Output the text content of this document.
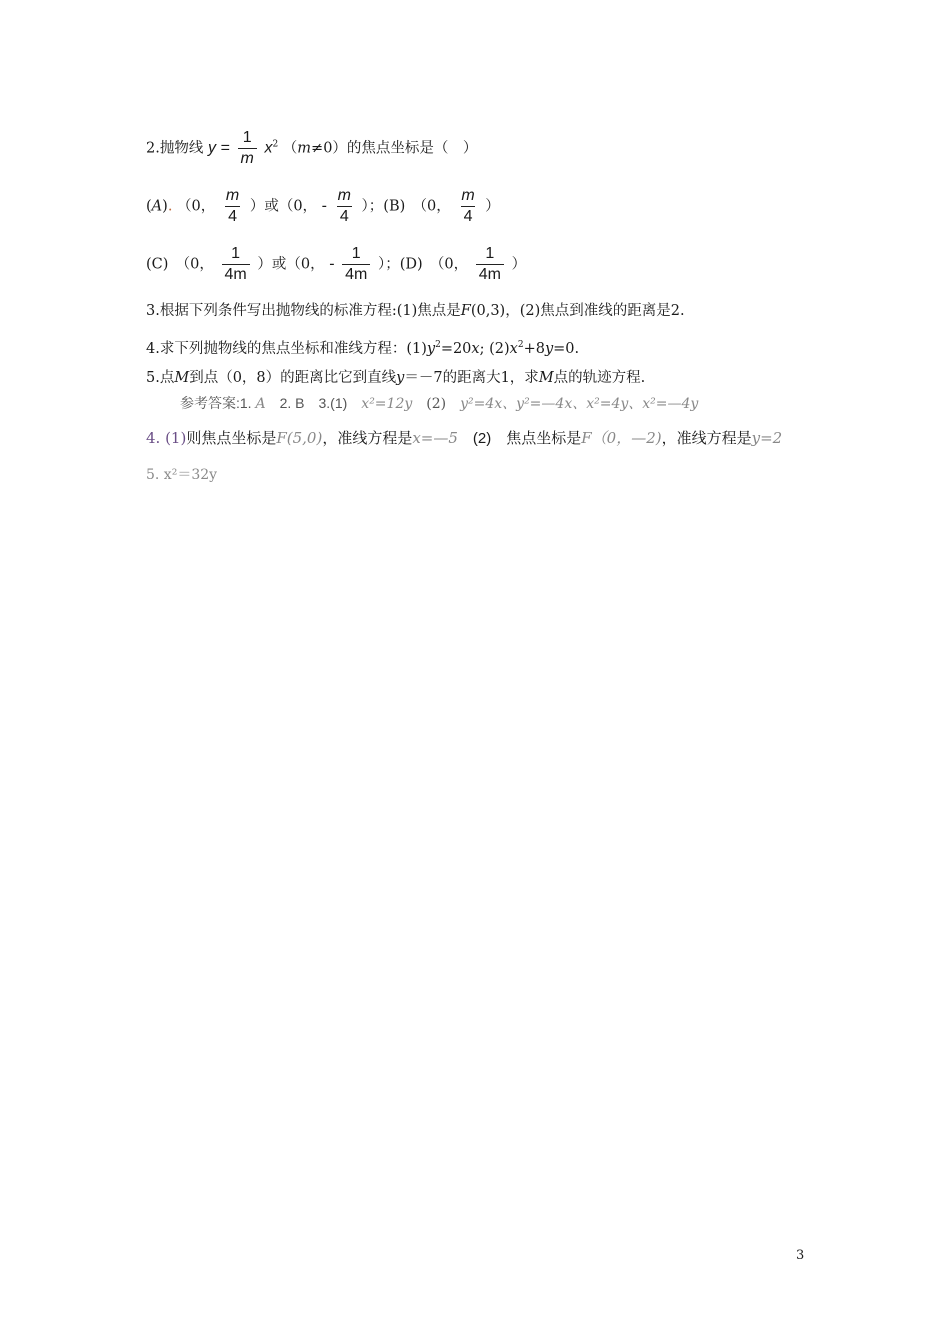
2.抛物线 $y = \frac{1}{m} x^2$ （m≠0）的焦点坐标是（　）
(A). （0， $\frac{m}{4}$ ）或（0， - $\frac{m}{4}$ ）；(B)　（0， $\frac{m}{4}$ ）
(C)　（0， $\frac{1}{4m}$ ）或（0， - $\frac{1}{4m}$ ）；(D)　（0， $\frac{1}{4m}$ ）
3.根据下列条件写出抛物线的标准方程:(1)焦点是F(0,3)，(2)焦点到准线的距离是2.
4.求下列抛物线的焦点坐标和准线方程：$(1)y^2=20x$; $(2)x^2+8y=0$.
5.点M到点（0，8）的距离比它到直线y＝－7的距离大1，求M点的轨迹方程.
参考答案:1. A　2. B　3.(1)　x²=12y　(2)　y²=4x、y²=—4x、x²=4y、x²=—4y
4. (1)则焦点坐标是F(5,0)，准线方程是x=—5　(2)　焦点坐标是F（0，—2)，准线方程是y=2
5. x²＝32y
3
